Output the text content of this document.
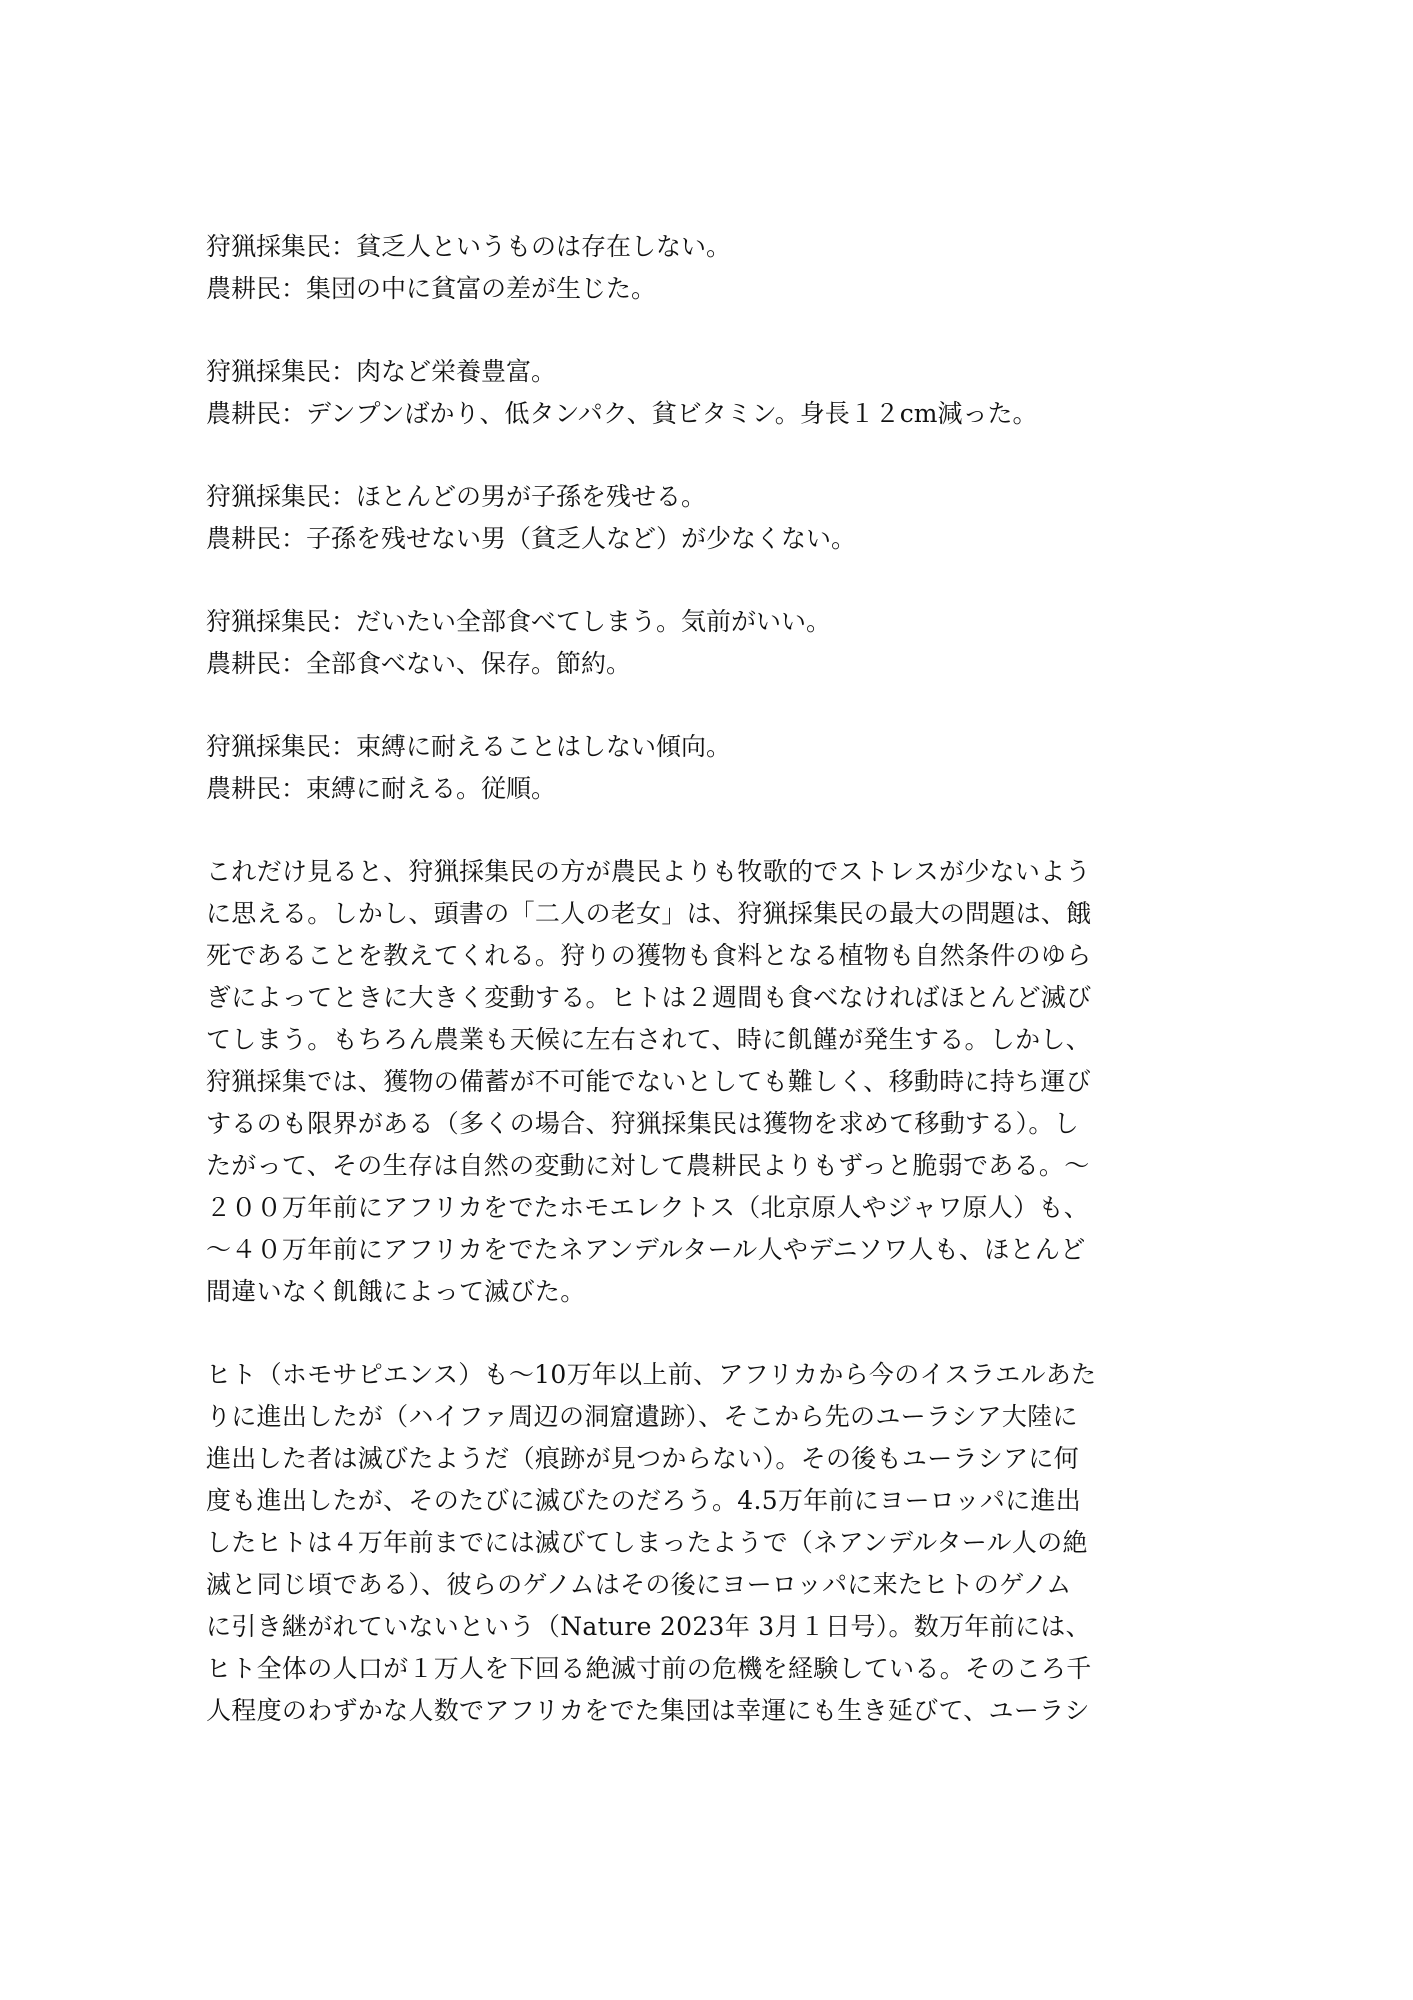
狩猟採集民：貧乏人というものは存在しない。
農耕民：集団の中に貧富の差が生じた。
狩猟採集民：肉など栄養豊富。
農耕民：デンプンばかり、低タンパク、貧ビタミン。身長１２cm減った。
狩猟採集民：ほとんどの男が子孫を残せる。
農耕民：子孫を残せない男（貧乏人など）が少なくない。
狩猟採集民：だいたい全部食べてしまう。気前がいい。
農耕民：全部食べない、保存。節約。
狩猟採集民：束縛に耐えることはしない傾向。
農耕民：束縛に耐える。従順。
これだけ見ると、狩猟採集民の方が農民よりも牧歌的でストレスが少ないよう
に思える。しかし、頭書の「二人の老女」は、狩猟採集民の最大の問題は、餓
死であることを教えてくれる。狩りの獲物も食料となる植物も自然条件のゆら
ぎによってときに大きく変動する。ヒトは２週間も食べなければほとんど滅び
てしまう。もちろん農業も天候に左右されて、時に飢饉が発生する。しかし、
狩猟採集では、獲物の備蓄が不可能でないとしても難しく、移動時に持ち運び
するのも限界がある（多くの場合、狩猟採集民は獲物を求めて移動する）。し
たがって、その生存は自然の変動に対して農耕民よりもずっと脆弱である。～
２００万年前にアフリカをでたホモエレクトス（北京原人やジャワ原人）も、
～４０万年前にアフリカをでたネアンデルタール人やデニソワ人も、ほとんど
間違いなく飢餓によって滅びた。
ヒト（ホモサピエンス）も～10万年以上前、アフリカから今のイスラエルあた
りに進出したが（ハイファ周辺の洞窟遺跡）、そこから先のユーラシア大陸に
進出した者は滅びたようだ（痕跡が見つからない）。その後もユーラシアに何
度も進出したが、そのたびに滅びたのだろう。4.5万年前にヨーロッパに進出
したヒトは４万年前までには滅びてしまったようで（ネアンデルタール人の絶
滅と同じ頃である）、彼らのゲノムはその後にヨーロッパに来たヒトのゲノム
に引き継がれていないという（Nature 2023年 3月１日号）。数万年前には、
ヒト全体の人口が１万人を下回る絶滅寸前の危機を経験している。そのころ千
人程度のわずかな人数でアフリカをでた集団は幸運にも生き延びて、ユーラシ
